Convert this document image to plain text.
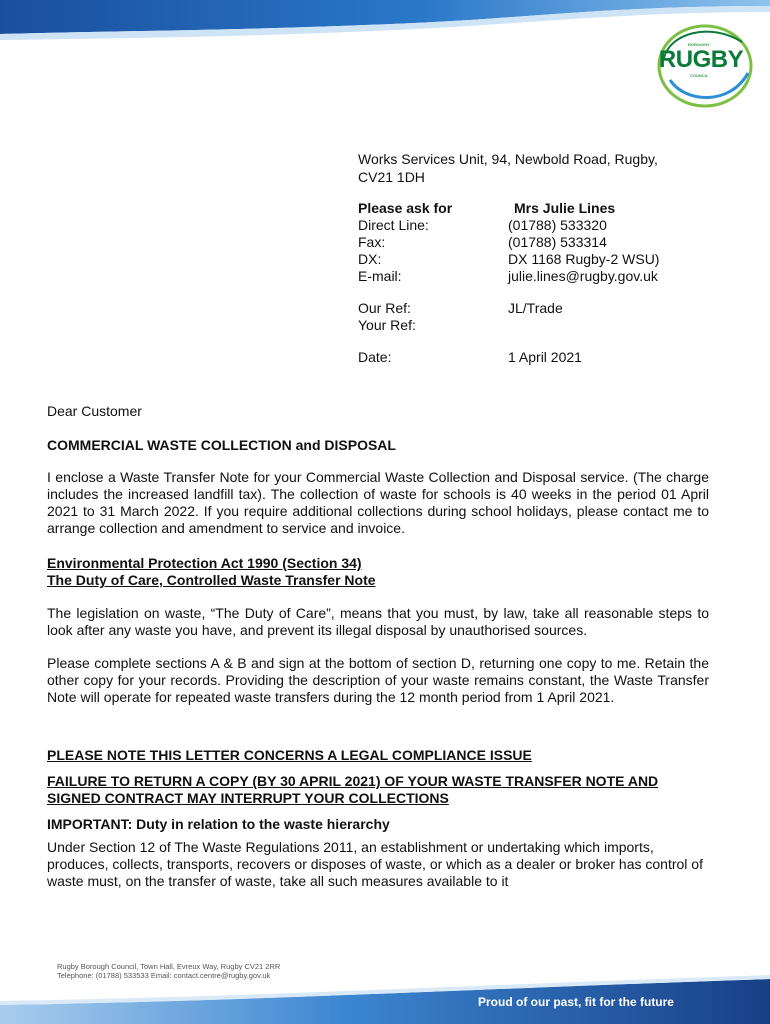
BOROUGH
RUGBY
COUNCIL
Works Services Unit, 94, Newbold Road, Rugby,
CV21 1DH
Please ask for	Mrs Julie Lines
Direct Line:	(01788) 533320
Fax:	(01788) 533314
DX:	DX 1168 Rugby-2 WSU)
E-mail:	julie.lines@rugby.gov.uk
Our Ref:	JL/Trade
Your Ref:
Date:	1 April 2021
Dear Customer
COMMERCIAL WASTE COLLECTION and DISPOSAL
I enclose a Waste Transfer Note for your Commercial Waste Collection and Disposal service. (The charge includes the increased landfill tax). The collection of waste for schools is 40 weeks in the period 01 April 2021 to 31 March 2022. If you require additional collections during school holidays, please contact me to arrange collection and amendment to service and invoice.
Environmental Protection Act 1990 (Section 34)
The Duty of Care, Controlled Waste Transfer Note
The legislation on waste, “The Duty of Care”, means that you must, by law, take all reasonable steps to look after any waste you have, and prevent its illegal disposal by unauthorised sources.
Please complete sections A & B and sign at the bottom of section D, returning one copy to me. Retain the other copy for your records. Providing the description of your waste remains constant, the Waste Transfer Note will operate for repeated waste transfers during the 12 month period from 1 April 2021.
PLEASE NOTE THIS LETTER CONCERNS A LEGAL COMPLIANCE ISSUE
FAILURE TO RETURN A COPY (BY 30 APRIL 2021) OF YOUR WASTE TRANSFER NOTE AND SIGNED CONTRACT MAY INTERRUPT YOUR COLLECTIONS
IMPORTANT: Duty in relation to the waste hierarchy
Under Section 12 of The Waste Regulations 2011, an establishment or undertaking which imports, produces, collects, transports, recovers or disposes of waste, or which as a dealer or broker has control of waste must, on the transfer of waste, take all such measures available to it
Rugby Borough Council, Town Hall, Evreux Way, Rugby CV21 2RR
Telephone: (01788) 533533 Email: contact.centre@rugby.gov.uk
Proud of our past, fit for the future
